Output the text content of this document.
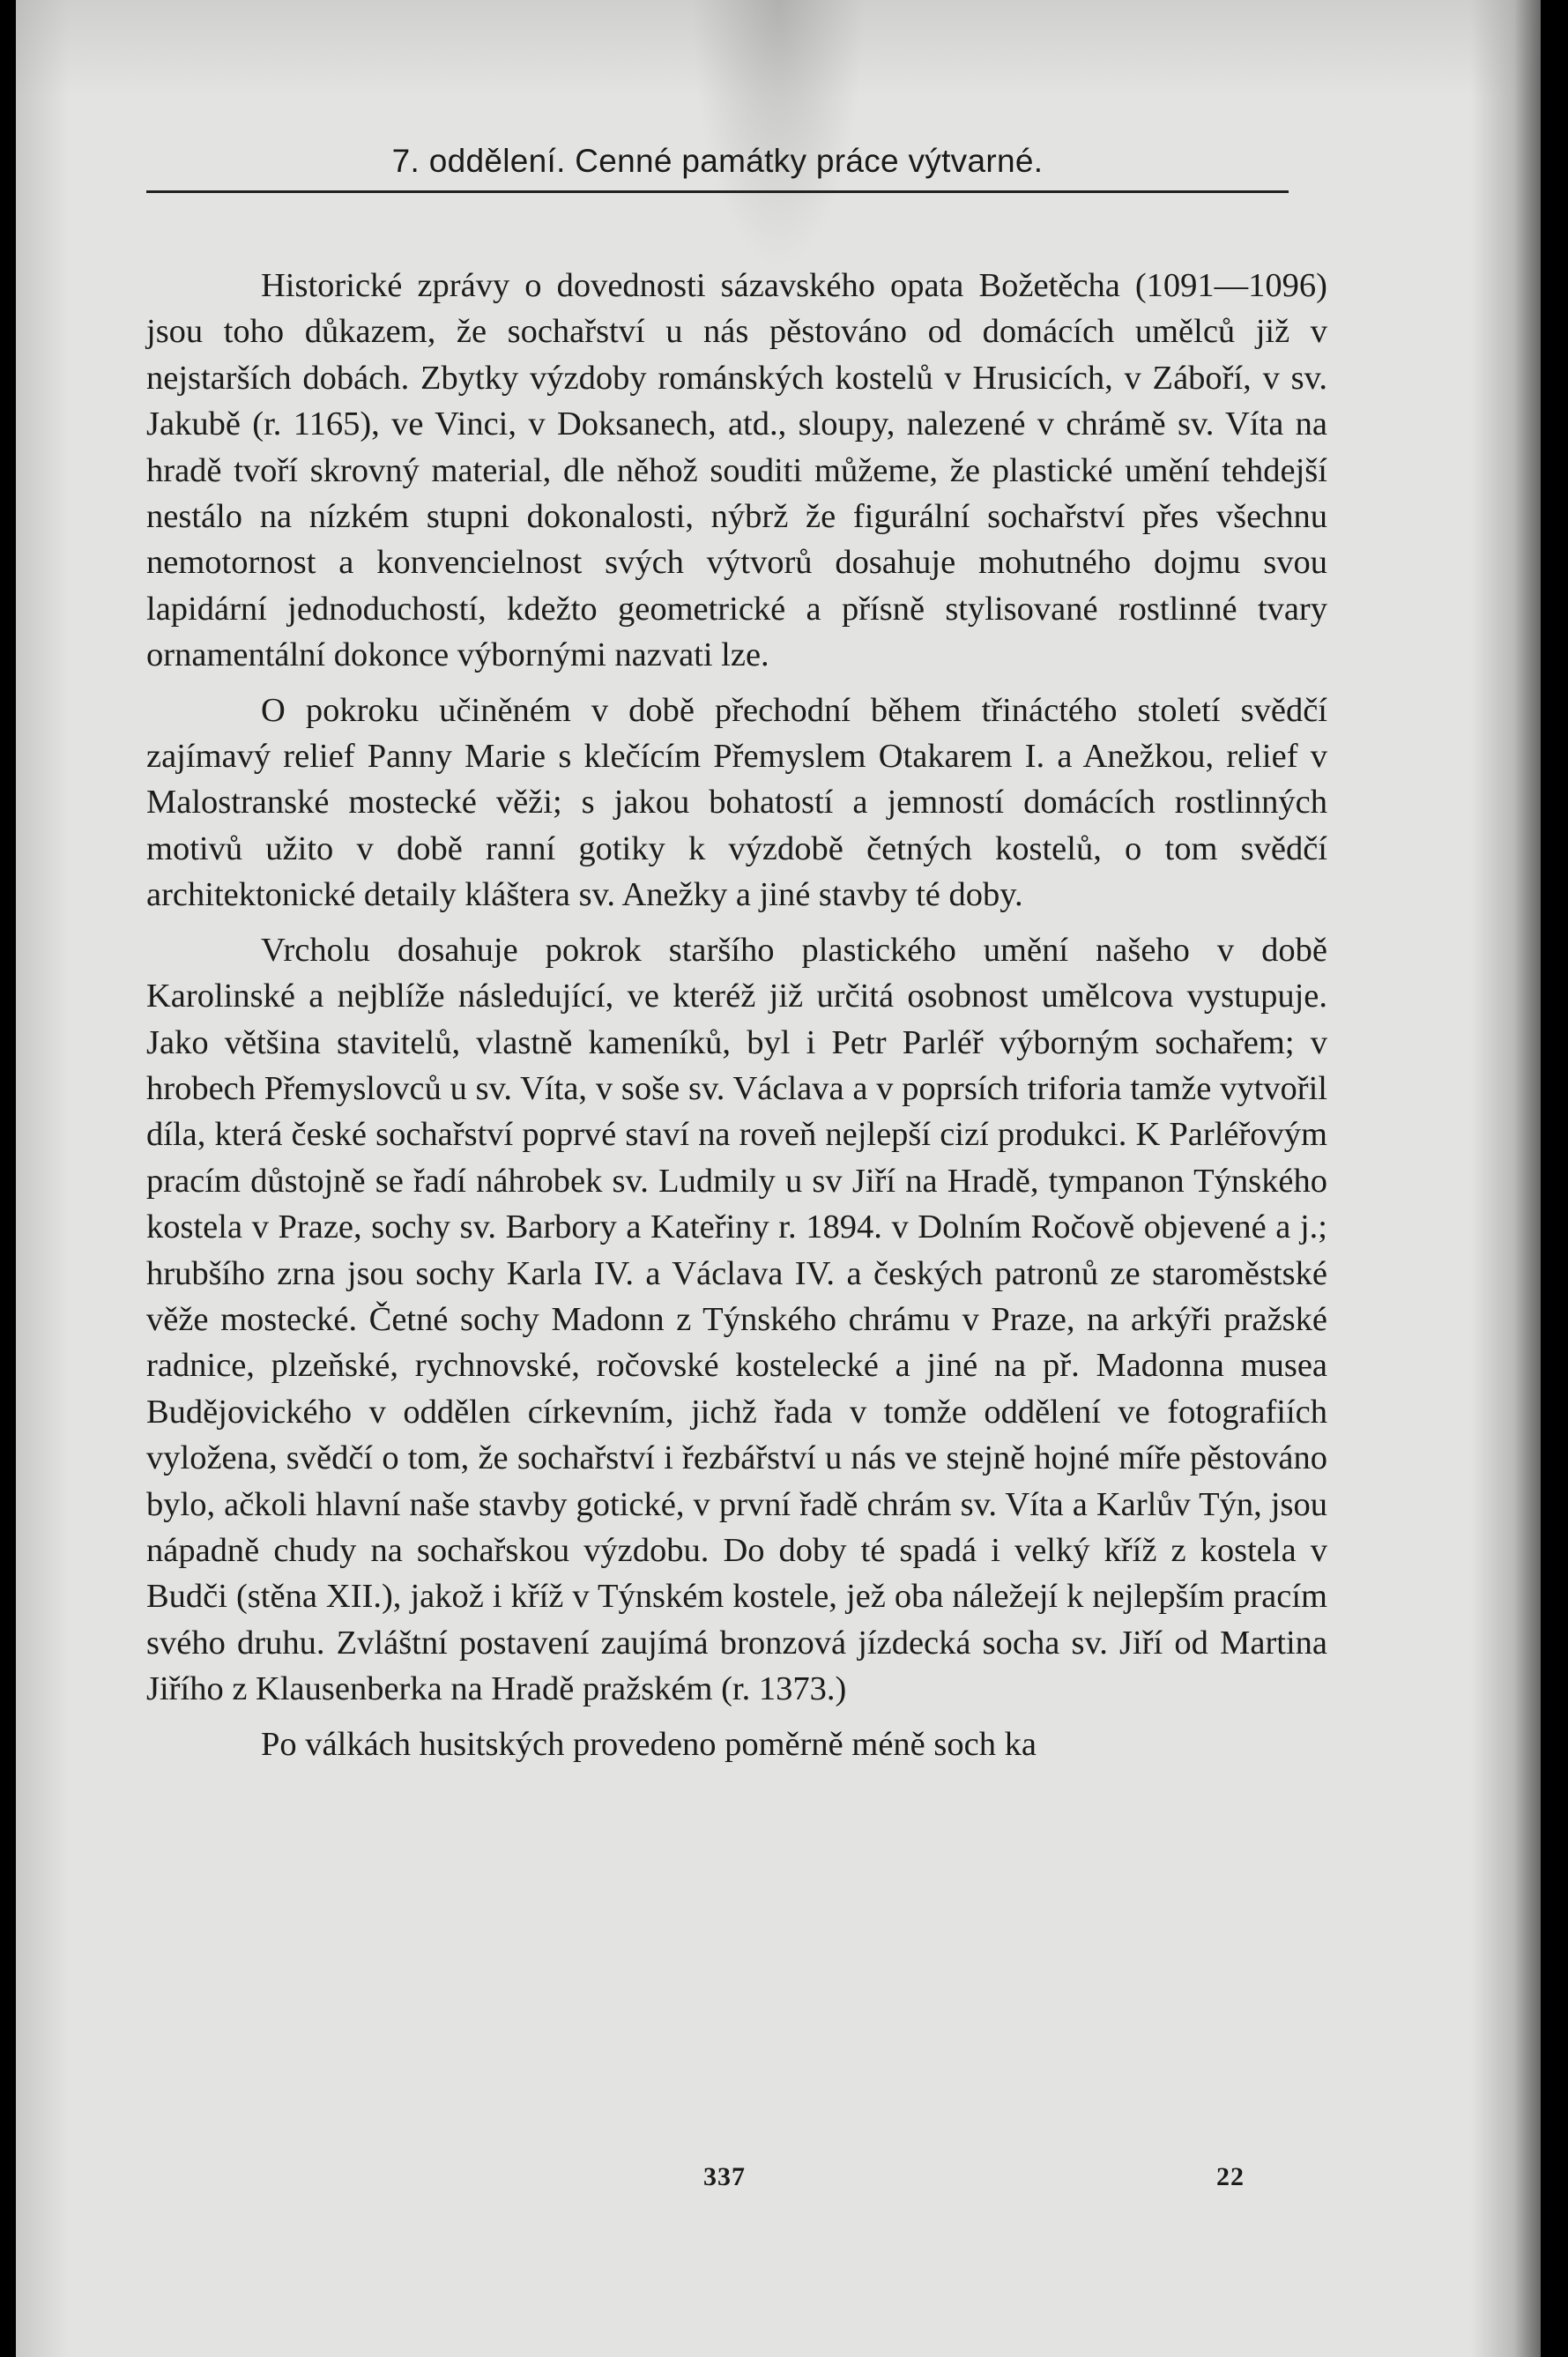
7. oddělení. Cenné památky práce výtvarné.

Historické zprávy o dovednosti sázavského opata Božetěcha (1091—1096) jsou toho důkazem, že sochařství u nás pěstováno od domácích umělců již v nejstarších dobách. Zbytky výzdoby románských kostelů v Hrusicích, v Záboří, v sv. Jakubě (r. 1165), ve Vinci, v Doksanech, atd., sloupy, nalezené v chrámě sv. Víta na hradě tvoří skrovný material, dle něhož souditi můžeme, že plastické umění tehdejší nestálo na nízkém stupni dokonalosti, nýbrž že figurální sochařství přes všechnu nemotornost a konvencielnost svých výtvorů dosahuje mohutného dojmu svou lapidární jednoduchostí, kdežto geometrické a přísně stylisované rostlinné tvary ornamentální dokonce výbornými nazvati lze.

O pokroku učiněném v době přechodní během třináctého století svědčí zajímavý relief Panny Marie s klečícím Přemyslem Otakarem I. a Anežkou, relief v Malostranské mostecké věži; s jakou bohatostí a jemností domácích rostlinných motivů užito v době ranní gotiky k výzdobě četných kostelů, o tom svědčí architektonické detaily kláštera sv. Anežky a jiné stavby té doby.

Vrcholu dosahuje pokrok staršího plastického umění našeho v době Karolinské a nejblíže následující, ve kteréž již určitá osobnost umělcova vystupuje. Jako většina stavitelů, vlastně kameníků, byl i Petr Parléř výborným sochařem; v hrobech Přemyslovců u sv. Víta, v soše sv. Václava a v poprsích triforia tamže vytvořil díla, která české sochařství poprvé staví na roveň nejlepší cizí produkci. K Parléřovým pracím důstojně se řadí náhrobek sv. Ludmily u sv Jiří na Hradě, tympanon Týnského kostela v Praze, sochy sv. Barbory a Kateřiny r. 1894. v Dolním Ročově objevené a j.; hrubšího zrna jsou sochy Karla IV. a Václava IV. a českých patronů ze staroměstské věže mostecké. Četné sochy Madonn z Týnského chrámu v Praze, na arkýři pražské radnice, plzeňské, rychnovské, ročovské kostelecké a jiné na př. Madonna musea Budějovického v oddělen církevním, jichž řada v tomže oddělení ve fotografiích vyložena, svědčí o tom, že sochařství i řezbářství u nás ve stejně hojné míře pěstováno bylo, ačkoli hlavní naše stavby gotické, v první řadě chrám sv. Víta a Karlův Týn, jsou nápadně chudy na sochařskou výzdobu. Do doby té spadá i velký kříž z kostela v Budči (stěna XII.), jakož i kříž v Týnském kostele, jež oba náležejí k nejlepším pracím svého druhu. Zvláštní postavení zaujímá bronzová jízdecká socha sv. Jiří od Martina Jiřího z Klausenberka na Hradě pražském (r. 1373.)

Po válkách husitských provedeno poměrně méně soch ka

337	22
